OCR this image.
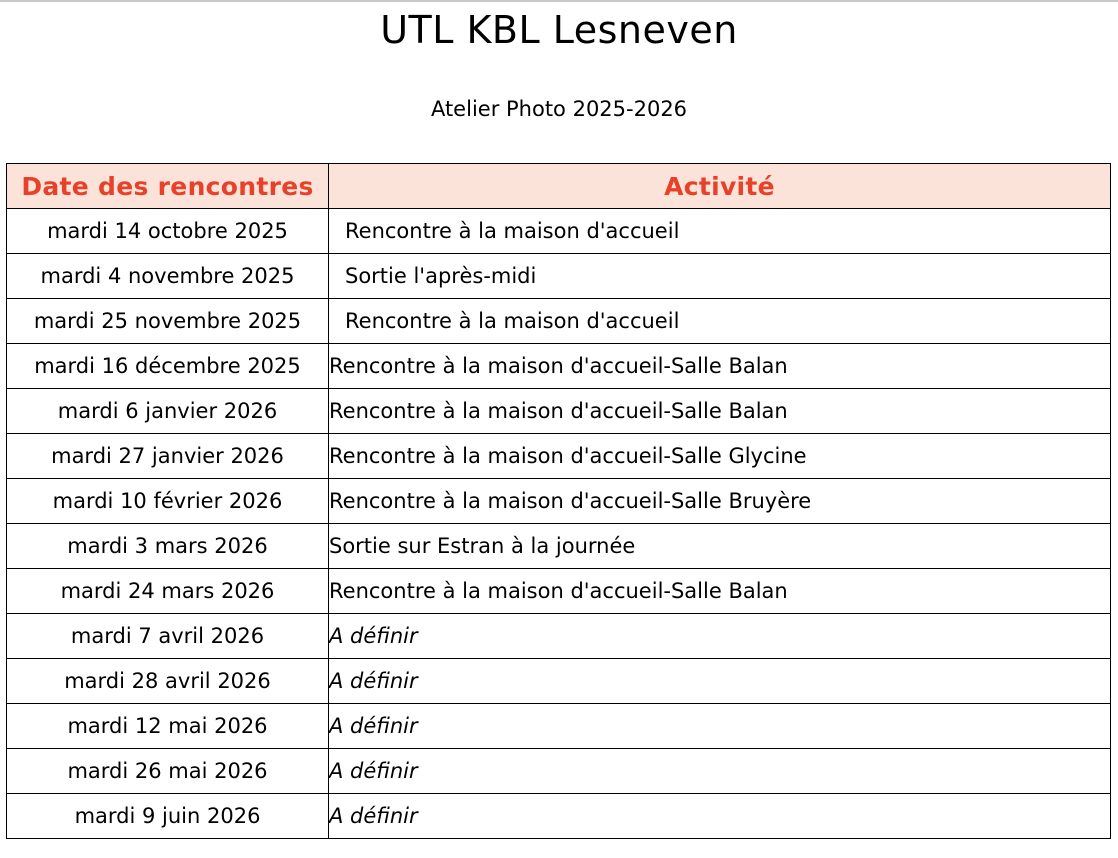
UTL KBL Lesneven
Atelier Photo 2025-2026
Date des rencontres	Activité
mardi 14 octobre 2025	Rencontre à la maison d'accueil
mardi 4 novembre 2025	Sortie l'après-midi
mardi 25 novembre 2025	Rencontre à la maison d'accueil
mardi 16 décembre 2025	Rencontre à la maison d'accueil-Salle Balan
mardi 6 janvier 2026	Rencontre à la maison d'accueil-Salle Balan
mardi 27 janvier 2026	Rencontre à la maison d'accueil-Salle Glycine
mardi 10 février 2026	Rencontre à la maison d'accueil-Salle Bruyère
mardi 3 mars 2026	Sortie sur Estran à la journée
mardi 24 mars 2026	Rencontre à la maison d'accueil-Salle Balan
mardi 7 avril 2026	A définir
mardi 28 avril 2026	A définir
mardi 12 mai 2026	A définir
mardi 26 mai 2026	A définir
mardi 9 juin 2026	A définir
